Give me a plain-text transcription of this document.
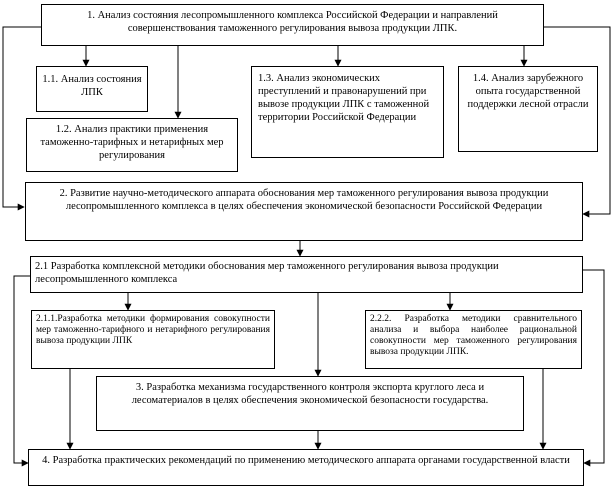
1. Анализ состояния лесопромышленного комплекса Российской Федерации и направлений совершенствования таможенного регулирования вывоза продукции ЛПК.

1.1. Анализ состояния ЛПК

1.2. Анализ практики применения таможенно-тарифных и нетарифных мер регулирования

1.3. Анализ экономических преступлений и правонарушений при вывозе продукции ЛПК с таможенной территории Российской Федерации

1.4. Анализ зарубежного опыта государственной поддержки лесной отрасли

2. Развитие научно-методического аппарата обоснования мер таможенного регулирования вывоза продукции лесопромышленного комплекса в целях обеспечения экономической безопасности Российской Федерации

2.1 Разработка комплексной методики обоснования мер таможенного регулирования вывоза продукции лесопромышленного комплекса

2.1.1.Разработка методики формирования совокупности мер таможенно-тарифного и нетарифного регулирования вывоза продукции ЛПК

2.2.2. Разработка методики сравнительного анализа и выбора наиболее рациональной совокупности мер таможенного регулирования вывоза продукции ЛПК.

3. Разработка механизма государственного контроля экспорта круглого леса и лесоматериалов в целях обеспечения экономической безопасности государства.

4. Разработка практических рекомендаций по применению методического аппарата органами государственной власти
